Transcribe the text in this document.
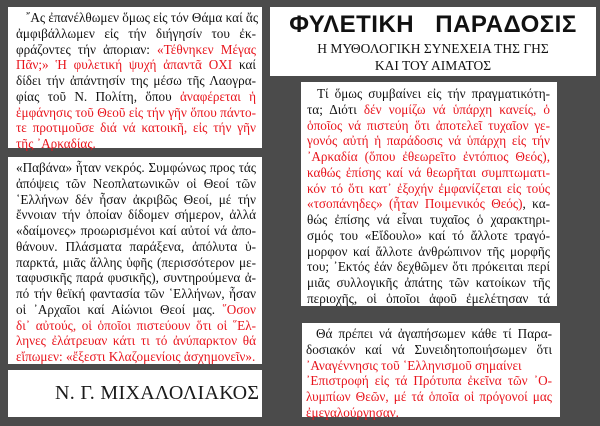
῎Ας ἐπανέλθωμεν ὅμως εἰς τόν Θάμα καί ἄς
ἀμφιβάλλωμεν εἰς τήν διήγησίν του ἐκ-
φράζοντες τήν ἀποριαν: «Τέθνηκεν Μέγας
Πᾶν;» Ἡ φυλετική ψυχή ἀπαντᾶ ΟΧΙ καί
δίδει τήν ἀπάντησίν της μέσω τῆς Λαογρα-
φίας τοῦ Ν. Πολίτη, ὅπου ἀναφέρεται ἡ
ἐμφάνησις τοῦ Θεοῦ εἰς τήν γῆν ὅπου πάντο-
τε προτιμοῦσε διά νά κατοικῆ, εἰς τήν γῆν
τῆς ᾿Αρκαδίας.
«Παβάνα» ἦταν νεκρός. Συμφώνως προς τάς
ἀπόψεις τῶν Νεοπλατωνικῶν οἱ Θεοί τῶν
῾Ελλήνων δέν ἦσαν ἀκριβῶς Θεοί, μέ τήν
ἔννοιαν τήν ὁποίαν δίδομεν σήμερον, ἀλλά
«δαίμονες» προωρισμένοι καί αὐτοί νά ἀπο-
θάνουν. Πλάσματα παράξενα, ἀπόλυτα ὑ-
παρκτά, μιᾶς ἄλλης ὑφῆς (περισσότερον με-
ταφυσικῆς παρά φυσικῆς), συντηρούμενα ἀ-
πό τήν θεϊκή φαντασία τῶν ῾Ελλήνων, ἦσαν
οἱ ᾿Αρχαῖοι καί Αἰώνιοι Θεοί μας. ῞Οσον
δι᾿ αὐτούς, οἱ ὁποῖοι πιστεύουν ὅτι οἱ ῞Ελ-
ληνες ἐλάτρευαν κάτι τι τό ἀνύπαρκτον θά
εἴπωμεν: «ἔξεστι Κλαζομενίοις ἀσχημονεῖν».
Ν. Γ. ΜΙΧΑΛΟΛΙΑΚΟΣ
ΦΥΛΕΤΙΚΗ ΠΑΡΑΔΟΣΙΣ
Η ΜΥΘΟΛΟΓΙΚΗ ΣΥΝΕΧΕΙΑ ΤΗΣ ΓΗΣ
ΚΑΙ ΤΟΥ ΑΙΜΑΤΟΣ
Τί ὅμως συμβαίνει εἰς τήν πραγματικότη-
τα; Διότι δέν νομίζω νά ὑπάρχη κανείς, ὁ
ὁποῖος νά πιστεύη ὅτι ἀποτελεῖ τυχαῖον γε-
γονός αὐτή ἡ παράδοσις νά ὑπάρχη εἰς τήν
᾿Αρκαδία (ὅπου ἐθεωρεῖτο ἐντόπιος Θεός),
καθώς ἐπίσης καί νά θεωρῆται συμπτωματι-
κόν τό ὅτι κατ᾿ ἐξοχήν ἐμφανίζεται εἰς τούς
«τσοπάνηδες» (ἦταν Ποιμενικός Θεός), κα-
θώς ἐπίσης νά εἶναι τυχαῖος ὁ χαρακτηρι-
σμός του «Εἴδουλο» καί τό ἄλλοτε τραγό-
μορφον καί ἄλλοτε ἀνθρώπινον τῆς μορφῆς
του; ᾿Εκτός ἐάν δεχθῶμεν ὅτι πρόκειται περί
μιᾶς συλλογικῆς ἀπάτης τῶν κατοίκων τῆς
περιοχῆς, οἱ ὁποῖοι ἀφοῦ ἐμελέτησαν τά
Θά πρέπει νά ἀγαπήσωμεν κάθε τί Παρα-
δοσιακόν καί νά Συνειδητοποιήσωμεν ὅτι
᾿Αναγέννησις τοῦ ῾Ελληνισμοῦ σημαίνει
᾿Επιστροφή εἰς τά Πρότυπα ἐκεῖνα τῶν ᾿Ο-
λυμπίων Θεῶν, μέ τά ὁποῖα οἱ πρόγονοί μας
ἐμεγαλούργησαν.
